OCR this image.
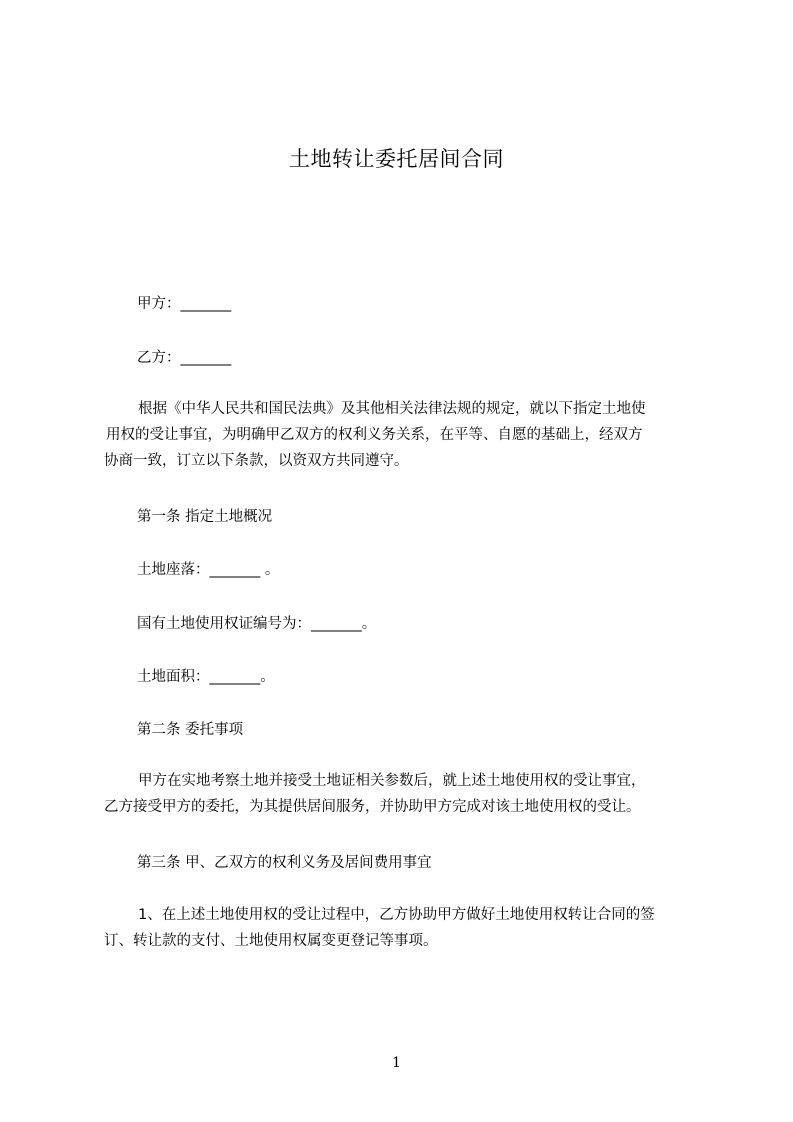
土地转让委托居间合同
甲方：_______
乙方：_______
根据《中华人民共和国民法典》及其他相关法律法规的规定，就以下指定土地使
用权的受让事宜，为明确甲乙双方的权利义务关系，在平等、自愿的基础上，经双方
协商一致，订立以下条款，以资双方共同遵守。
第一条 指定土地概况
土地座落：_______ 。
国有土地使用权证编号为：_______。
土地面积：_______。
第二条 委托事项
甲方在实地考察土地并接受土地证相关参数后，就上述土地使用权的受让事宜，
乙方接受甲方的委托，为其提供居间服务，并协助甲方完成对该土地使用权的受让。
第三条 甲、乙双方的权利义务及居间费用事宜
1、在上述土地使用权的受让过程中，乙方协助甲方做好土地使用权转让合同的签
订、转让款的支付、土地使用权属变更登记等事项。
1
